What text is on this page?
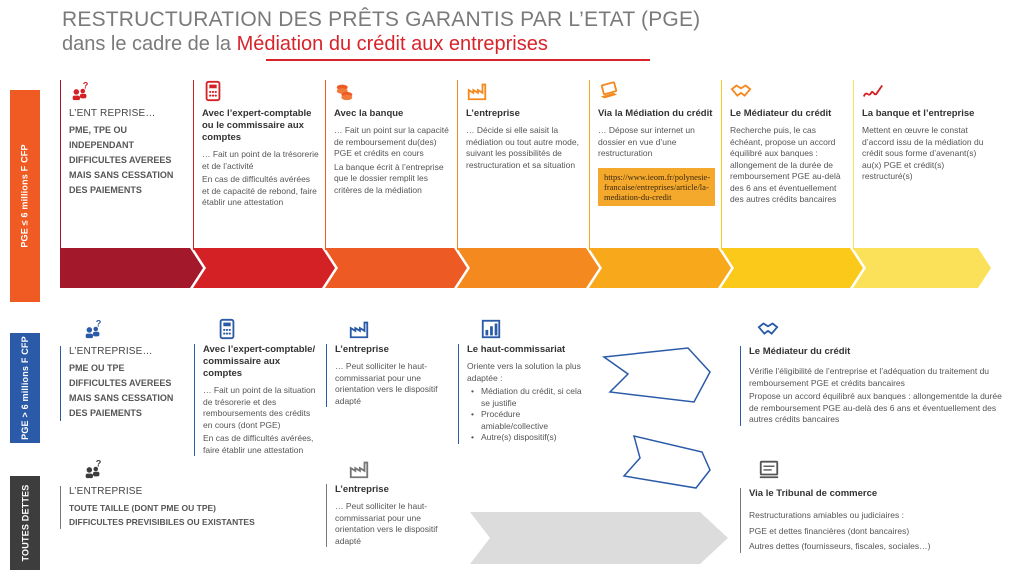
RESTRUCTURATION DES PRÊTS GARANTIS PAR L’ETAT (PGE)
dans le cadre de la Médiation du crédit aux entreprises
PGE ≤ 6 millions F CFP
PGE > 6 millions F CFP
TOUTES DETTES
?
L’ENT REPRISE…
PME, TPE OU
INDEPENDANT
DIFFICULTES AVEREES
MAIS SANS CESSATION
DES PAIEMENTS
Avec l’expert-comptable ou le commissaire aux comptes
… Fait un point de la trésorerie et de l’activité
En cas de difficultés avérées et de capacité de rebond, faire établir une attestation
Avec la banque
… Fait un point sur la capacité de remboursement du(des) PGE et crédits en cours
La banque écrit à l’entreprise que le dossier remplit les critères de la médiation
L’entreprise
… Décide si elle saisit la médiation ou tout autre mode, suivant les possibilités de restructuration et sa situation
Via la Médiation du crédit
… Dépose sur internet un dossier en vue d’une restructuration
https://www.ieom.fr/polynesie-francaise/entreprises/article/la-mediation-du-credit
Le Médiateur du crédit
Recherche puis, le cas échéant, propose un accord équilibré aux banques : allongement de la durée de remboursement PGE au-delà des 6 ans et éventuellement des autres crédits bancaires
La banque et l’entreprise
Mettent en œuvre le constat d’accord issu de la médiation du crédit sous forme d’avenant(s) au(x) PGE et crédit(s) restructuré(s)
?
L’ENTREPRISE…
PME OU TPE
DIFFICULTES AVEREES
MAIS SANS CESSATION
DES PAIEMENTS
Avec l’expert-comptable/ commissaire aux comptes
… Fait un point de la situation de trésorerie et des remboursements des crédits en cours (dont PGE)
En cas de difficultés avérées, faire établir une attestation
L’entreprise
… Peut solliciter le haut-commissariat pour une orientation vers le dispositif adapté
Le haut-commissariat
Oriente vers la solution la plus adaptée :
• Médiation du crédit, si cela se justifie
• Procédure amiable/collective
• Autre(s) dispositif(s)
Le Médiateur du crédit
Vérifie l’éligibilité de l’entreprise et l’adéquation du traitement du remboursement PGE et crédits bancaires
Propose un accord équilibré aux banques : allongementde la durée de remboursement PGE au-delà des 6 ans et éventuellement des autres crédits bancaires
?
L’ENTREPRISE
TOUTE TAILLE (DONT PME OU TPE)
DIFFICULTES PREVISIBILES OU EXISTANTES
L’entreprise
… Peut solliciter le haut-commissariat pour une orientation vers le dispositif adapté
Via le Tribunal de commerce
Restructurations amiables ou judiciaires :
PGE et dettes financières (dont bancaires)
Autres dettes (fournisseurs, fiscales, sociales…)
